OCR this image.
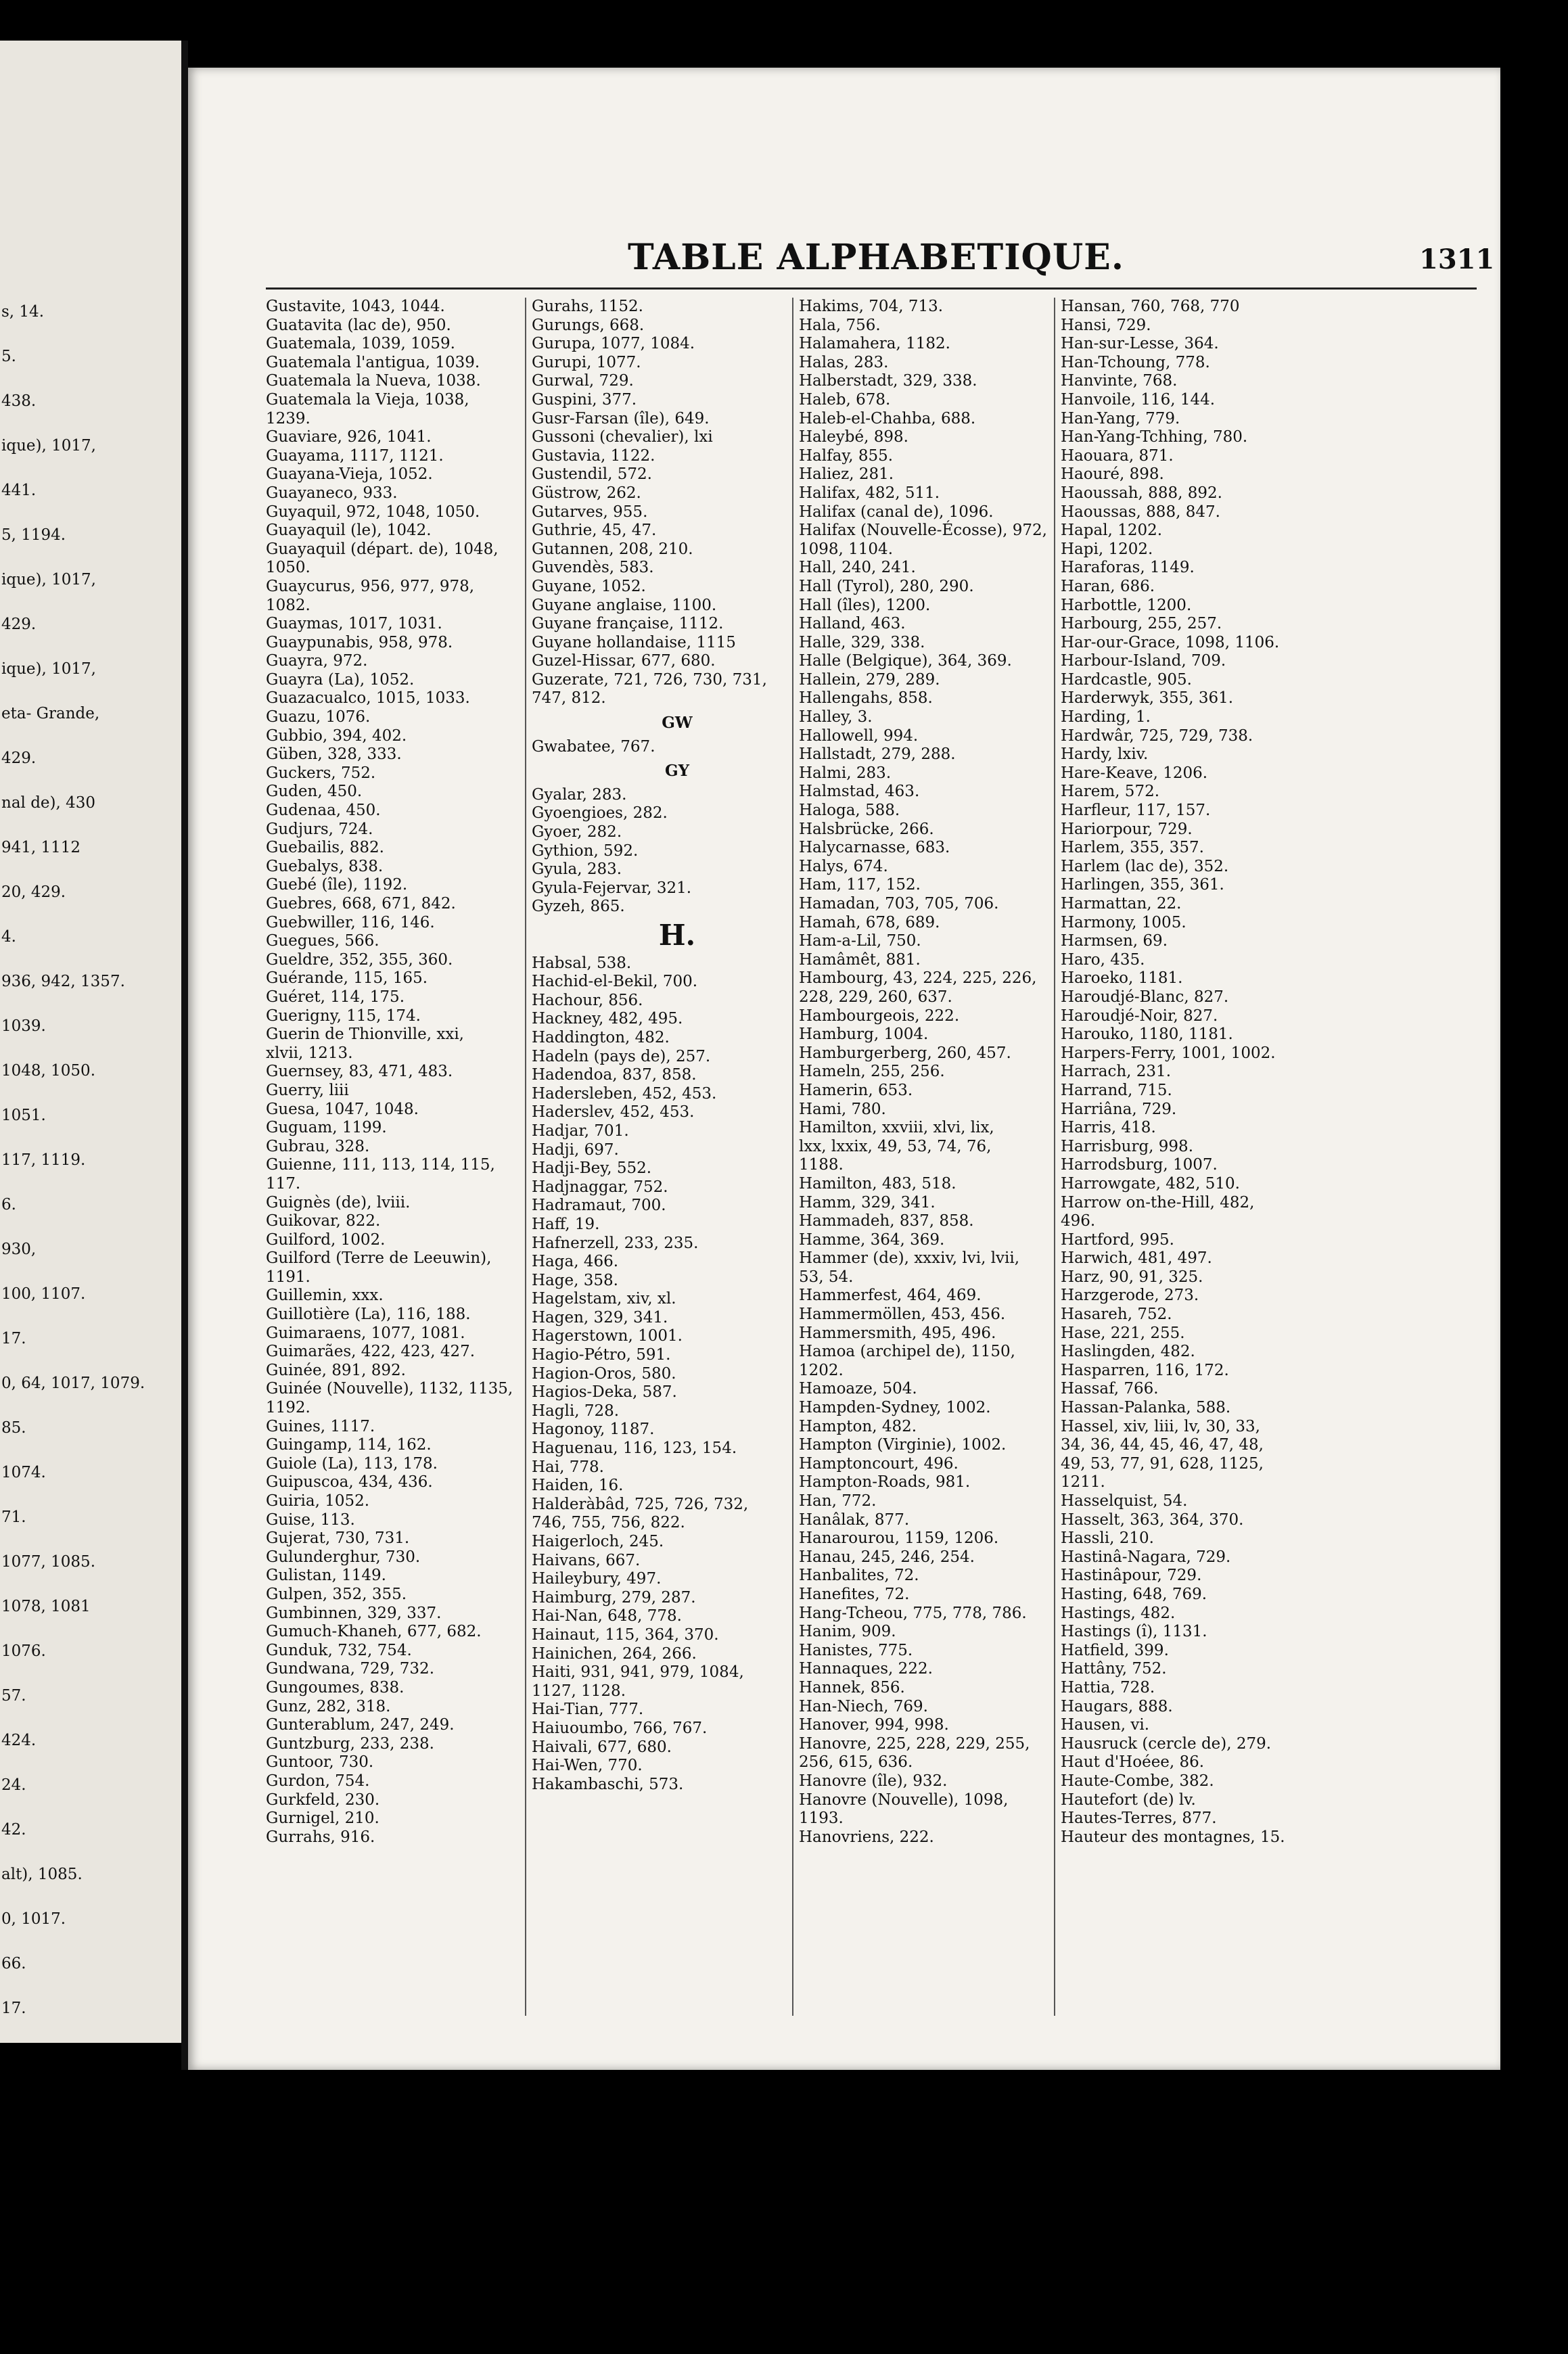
s, 14.
5.
438.
ique), 1017,
441.
5, 1194.
ique), 1017,
429.
ique), 1017,
eta- Grande,
429.
nal de), 430
941, 1112
20, 429.
4.
936, 942, 1357.
1039.
1048, 1050.
1051.
117, 1119.
6.
930,
100, 1107.
17.
0, 64, 1017, 1079.
85.
1074.
71.
1077, 1085.
1078, 1081
1076.
57.
424.
24.
42.
alt), 1085.
0, 1017.
66.
17.
TABLE ALPHABETIQUE.	1311
Gustavite, 1043, 1044.
Guatavita (lac de), 950.
Guatemala, 1039, 1059.
Guatemala l'antigua, 1039.
Guatemala la Nueva, 1038.
Guatemala la Vieja, 1038,
1239.
Guaviare, 926, 1041.
Guayama, 1117, 1121.
Guayana-Vieja, 1052.
Guayaneco, 933.
Guyaquil, 972, 1048, 1050.
Guayaquil (le), 1042.
Guayaquil (départ. de), 1048,
1050.
Guaycurus, 956, 977, 978,
1082.
Guaymas, 1017, 1031.
Guaypunabis, 958, 978.
Guayra, 972.
Guayra (La), 1052.
Guazacualco, 1015, 1033.
Guazu, 1076.
Gubbio, 394, 402.
Güben, 328, 333.
Guckers, 752.
Guden, 450.
Gudenaa, 450.
Gudjurs, 724.
Guebailis, 882.
Guebalys, 838.
Guebé (île), 1192.
Guebres, 668, 671, 842.
Guebwiller, 116, 146.
Guegues, 566.
Gueldre, 352, 355, 360.
Guérande, 115, 165.
Guéret, 114, 175.
Guerigny, 115, 174.
Guerin de Thionville, xxi,
xlvii, 1213.
Guernsey, 83, 471, 483.
Guerry, liii
Guesa, 1047, 1048.
Guguam, 1199.
Gubrau, 328.
Guienne, 111, 113, 114, 115,
117.
Guignès (de), lviii.
Guikovar, 822.
Guilford, 1002.
Guilford (Terre de Leeuwin),
1191.
Guillemin, xxx.
Guillotière (La), 116, 188.
Guimaraens, 1077, 1081.
Guimarães, 422, 423, 427.
Guinée, 891, 892.
Guinée (Nouvelle), 1132, 1135,
1192.
Guines, 1117.
Guingamp, 114, 162.
Guiole (La), 113, 178.
Guipuscoa, 434, 436.
Guiria, 1052.
Guise, 113.
Gujerat, 730, 731.
Gulunderghur, 730.
Gulistan, 1149.
Gulpen, 352, 355.
Gumbinnen, 329, 337.
Gumuch-Khaneh, 677, 682.
Gunduk, 732, 754.
Gundwana, 729, 732.
Gungoumes, 838.
Gunz, 282, 318.
Gunterablum, 247, 249.
Guntzburg, 233, 238.
Guntoor, 730.
Gurdon, 754.
Gurkfeld, 230.
Gurnigel, 210.
Gurrahs, 916.
Gurahs, 1152.
Gurungs, 668.
Gurupa, 1077, 1084.
Gurupi, 1077.
Gurwal, 729.
Guspini, 377.
Gusr-Farsan (île), 649.
Gussoni (chevalier), lxi
Gustavia, 1122.
Gustendil, 572.
Güstrow, 262.
Gutarves, 955.
Guthrie, 45, 47.
Gutannen, 208, 210.
Guvendès, 583.
Guyane, 1052.
Guyane anglaise, 1100.
Guyane française, 1112.
Guyane hollandaise, 1115
Guzel-Hissar, 677, 680.
Guzerate, 721, 726, 730, 731,
747, 812.
GW
Gwabatee, 767.
GY
Gyalar, 283.
Gyoengioes, 282.
Gyoer, 282.
Gythion, 592.
Gyula, 283.
Gyula-Fejervar, 321.
Gyzeh, 865.
H.
Habsal, 538.
Hachid-el-Bekil, 700.
Hachour, 856.
Hackney, 482, 495.
Haddington, 482.
Hadeln (pays de), 257.
Hadendoa, 837, 858.
Hadersleben, 452, 453.
Haderslev, 452, 453.
Hadjar, 701.
Hadji, 697.
Hadji-Bey, 552.
Hadjnaggar, 752.
Hadramaut, 700.
Haff, 19.
Hafnerzell, 233, 235.
Haga, 466.
Hage, 358.
Hagelstam, xiv, xl.
Hagen, 329, 341.
Hagerstown, 1001.
Hagio-Pétro, 591.
Hagion-Oros, 580.
Hagios-Deka, 587.
Hagli, 728.
Hagonoy, 1187.
Haguenau, 116, 123, 154.
Hai, 778.
Haiden, 16.
Halderàbâd, 725, 726, 732,
746, 755, 756, 822.
Haigerloch, 245.
Haivans, 667.
Haileybury, 497.
Haimburg, 279, 287.
Hai-Nan, 648, 778.
Hainaut, 115, 364, 370.
Hainichen, 264, 266.
Haiti, 931, 941, 979, 1084,
1127, 1128.
Hai-Tian, 777.
Haiuoumbo, 766, 767.
Haivali, 677, 680.
Hai-Wen, 770.
Hakambaschi, 573.
Hakims, 704, 713.
Hala, 756.
Halamahera, 1182.
Halas, 283.
Halberstadt, 329, 338.
Haleb, 678.
Haleb-el-Chahba, 688.
Haleybé, 898.
Halfay, 855.
Haliez, 281.
Halifax, 482, 511.
Halifax (canal de), 1096.
Halifax (Nouvelle-Écosse), 972,
1098, 1104.
Hall, 240, 241.
Hall (Tyrol), 280, 290.
Hall (îles), 1200.
Halland, 463.
Halle, 329, 338.
Halle (Belgique), 364, 369.
Hallein, 279, 289.
Hallengahs, 858.
Halley, 3.
Hallowell, 994.
Hallstadt, 279, 288.
Halmi, 283.
Halmstad, 463.
Haloga, 588.
Halsbrücke, 266.
Halycarnasse, 683.
Halys, 674.
Ham, 117, 152.
Hamadan, 703, 705, 706.
Hamah, 678, 689.
Ham-a-Lil, 750.
Hamâmêt, 881.
Hambourg, 43, 224, 225, 226,
228, 229, 260, 637.
Hambourgeois, 222.
Hamburg, 1004.
Hamburgerberg, 260, 457.
Hameln, 255, 256.
Hamerin, 653.
Hami, 780.
Hamilton, xxviii, xlvi, lix,
lxx, lxxix, 49, 53, 74, 76,
1188.
Hamilton, 483, 518.
Hamm, 329, 341.
Hammadeh, 837, 858.
Hamme, 364, 369.
Hammer (de), xxxiv, lvi, lvii,
53, 54.
Hammerfest, 464, 469.
Hammermöllen, 453, 456.
Hammersmith, 495, 496.
Hamoa (archipel de), 1150,
1202.
Hamoaze, 504.
Hampden-Sydney, 1002.
Hampton, 482.
Hampton (Virginie), 1002.
Hamptoncourt, 496.
Hampton-Roads, 981.
Han, 772.
Hanâlak, 877.
Hanarourou, 1159, 1206.
Hanau, 245, 246, 254.
Hanbalites, 72.
Hanefites, 72.
Hang-Tcheou, 775, 778, 786.
Hanim, 909.
Hanistes, 775.
Hannaques, 222.
Hannek, 856.
Han-Niech, 769.
Hanover, 994, 998.
Hanovre, 225, 228, 229, 255,
256, 615, 636.
Hanovre (île), 932.
Hanovre (Nouvelle), 1098,
1193.
Hanovriens, 222.
Hansan, 760, 768, 770
Hansi, 729.
Han-sur-Lesse, 364.
Han-Tchoung, 778.
Hanvinte, 768.
Hanvoile, 116, 144.
Han-Yang, 779.
Han-Yang-Tchhing, 780.
Haouara, 871.
Haouré, 898.
Haoussah, 888, 892.
Haoussas, 888, 847.
Hapal, 1202.
Hapi, 1202.
Haraforas, 1149.
Haran, 686.
Harbottle, 1200.
Harbourg, 255, 257.
Har-our-Grace, 1098, 1106.
Harbour-Island, 709.
Hardcastle, 905.
Harderwyk, 355, 361.
Harding, 1.
Hardwâr, 725, 729, 738.
Hardy, lxiv.
Hare-Keave, 1206.
Harem, 572.
Harfleur, 117, 157.
Hariorpour, 729.
Harlem, 355, 357.
Harlem (lac de), 352.
Harlingen, 355, 361.
Harmattan, 22.
Harmony, 1005.
Harmsen, 69.
Haro, 435.
Haroeko, 1181.
Haroudjé-Blanc, 827.
Haroudjé-Noir, 827.
Harouko, 1180, 1181.
Harpers-Ferry, 1001, 1002.
Harrach, 231.
Harrand, 715.
Harriâna, 729.
Harris, 418.
Harrisburg, 998.
Harrodsburg, 1007.
Harrowgate, 482, 510.
Harrow on-the-Hill, 482,
496.
Hartford, 995.
Harwich, 481, 497.
Harz, 90, 91, 325.
Harzgerode, 273.
Hasareh, 752.
Hase, 221, 255.
Haslingden, 482.
Hasparren, 116, 172.
Hassaf, 766.
Hassan-Palanka, 588.
Hassel, xiv, liii, lv, 30, 33,
34, 36, 44, 45, 46, 47, 48,
49, 53, 77, 91, 628, 1125,
1211.
Hasselquist, 54.
Hasselt, 363, 364, 370.
Hassli, 210.
Hastinâ-Nagara, 729.
Hastinâpour, 729.
Hasting, 648, 769.
Hastings, 482.
Hastings (î), 1131.
Hatfield, 399.
Hattâny, 752.
Hattia, 728.
Haugars, 888.
Hausen, vi.
Hausruck (cercle de), 279.
Haut d'Hoéee, 86.
Haute-Combe, 382.
Hautefort (de) lv.
Hautes-Terres, 877.
Hauteur des montagnes, 15.
